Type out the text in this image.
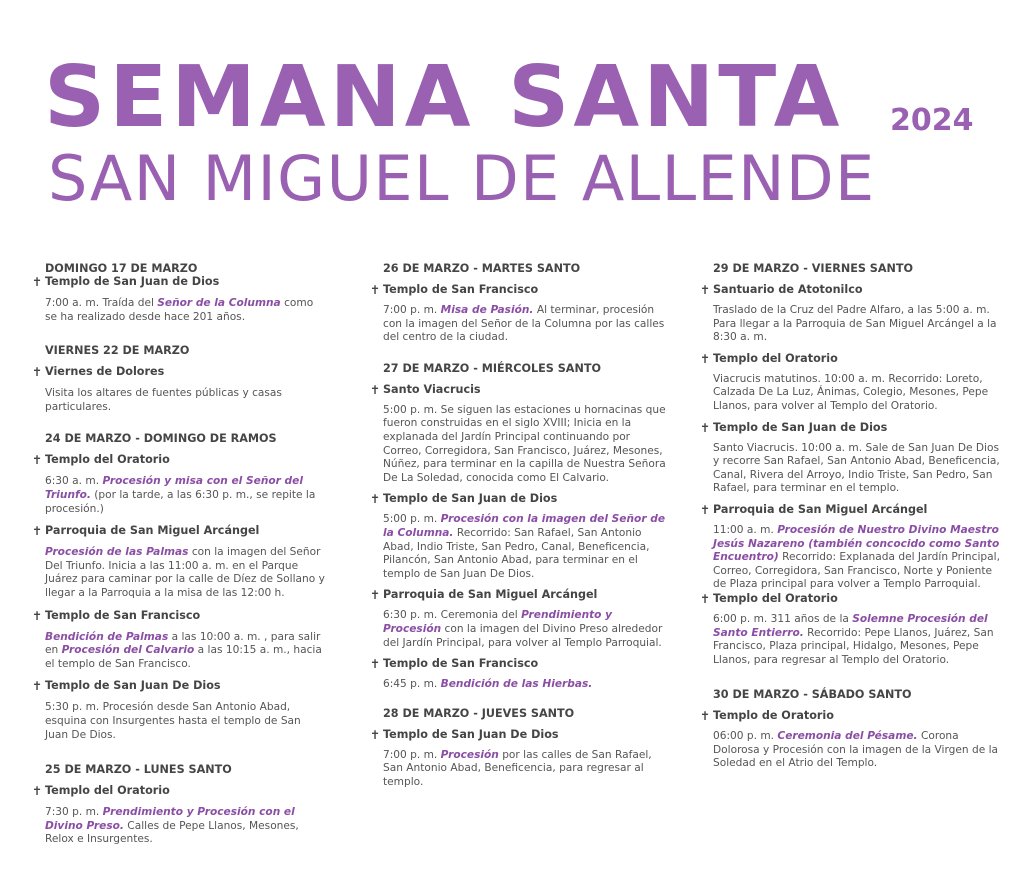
SEMANA SANTA 2024
SAN MIGUEL DE ALLENDE
DOMINGO 17 DE MARZO
✝ Templo de San Juan de Dios
7:00 a. m. Traída del Señor de la Columna como se ha realizado desde hace 201 años.
VIERNES 22 DE MARZO
✝ Viernes de Dolores
Visita los altares de fuentes públicas y casas particulares.
24 DE MARZO - DOMINGO DE RAMOS
✝ Templo del Oratorio
6:30 a. m. Procesión y misa con el Señor del Triunfo. (por la tarde, a las 6:30 p. m., se repite la procesión.)
✝ Parroquia de San Miguel Arcángel
Procesión de las Palmas con la imagen del Señor Del Triunfo. Inicia a las 11:00 a. m. en el Parque Juárez para caminar por la calle de Díez de Sollano y llegar a la Parroquia a la misa de las 12:00 h.
✝ Templo de San Francisco
Bendición de Palmas a las 10:00 a. m. , para salir en Procesión del Calvario a las 10:15 a. m., hacia el templo de San Francisco.
✝ Templo de San Juan De Dios
5:30 p. m. Procesión desde San Antonio Abad, esquina con Insurgentes hasta el templo de San Juan De Dios.
25 DE MARZO - LUNES SANTO
✝ Templo del Oratorio
7:30 p. m. Prendimiento y Procesión con el Divino Preso. Calles de Pepe Llanos, Mesones, Relox e Insurgentes.
26 DE MARZO - MARTES SANTO
✝ Templo de San Francisco
7:00 p. m. Misa de Pasión. Al terminar, procesión con la imagen del Señor de la Columna por las calles del centro de la ciudad.
27 DE MARZO - MIÉRCOLES SANTO
✝ Santo Viacrucis
5:00 p. m. Se siguen las estaciones u hornacinas que fueron construidas en el siglo XVIII; Inicia en la explanada del Jardín Principal continuando por Correo, Corregidora, San Francisco, Juárez, Mesones, Núñez, para terminar en la capilla de Nuestra Señora De La Soledad, conocida como El Calvario.
✝ Templo de San Juan de Dios
5:00 p. m. Procesión con la imagen del Señor de la Columna. Recorrido: San Rafael, San Antonio Abad, Indio Triste, San Pedro, Canal, Beneficencia, Pilancón, San Antonio Abad, para terminar en el templo de San Juan De Dios.
✝ Parroquia de San Miguel Arcángel
6:30 p. m. Ceremonia del Prendimiento y Procesión con la imagen del Divino Preso alrededor del Jardín Principal, para volver al Templo Parroquial.
✝ Templo de San Francisco
6:45 p. m. Bendición de las Hierbas.
28 DE MARZO - JUEVES SANTO
✝ Templo de San Juan De Dios
7:00 p. m. Procesión por las calles de San Rafael, San Antonio Abad, Beneficencia, para regresar al templo.
29 DE MARZO - VIERNES SANTO
✝ Santuario de Atotonilco
Traslado de la Cruz del Padre Alfaro, a las 5:00 a. m. Para llegar a la Parroquia de San Miguel Arcángel a la 8:30 a. m.
✝ Templo del Oratorio
Viacrucis matutinos. 10:00 a. m. Recorrido: Loreto, Calzada De La Luz, Ánimas, Colegio, Mesones, Pepe Llanos, para volver al Templo del Oratorio.
✝ Templo de San Juan de Dios
Santo Viacrucis. 10:00 a. m. Sale de San Juan De Dios y recorre San Rafael, San Antonio Abad, Beneficencia, Canal, Rivera del Arroyo, Indio Triste, San Pedro, San Rafael, para terminar en el templo.
✝ Parroquia de San Miguel Arcángel
11:00 a. m. Procesión de Nuestro Divino Maestro Jesús Nazareno (también concocido como Santo Encuentro) Recorrido: Explanada del Jardín Principal, Correo, Corregidora, San Francisco, Norte y Poniente de Plaza principal para volver a Templo Parroquial.
✝ Templo del Oratorio
6:00 p. m. 311 años de la Solemne Procesión del Santo Entierro. Recorrido: Pepe Llanos, Juárez, San Francisco, Plaza principal, Hidalgo, Mesones, Pepe Llanos, para regresar al Templo del Oratorio.
30 DE MARZO - SÁBADO SANTO
✝ Templo de Oratorio
06:00 p. m. Ceremonia del Pésame. Corona Dolorosa y Procesión con la imagen de la Virgen de la Soledad en el Atrio del Templo.
